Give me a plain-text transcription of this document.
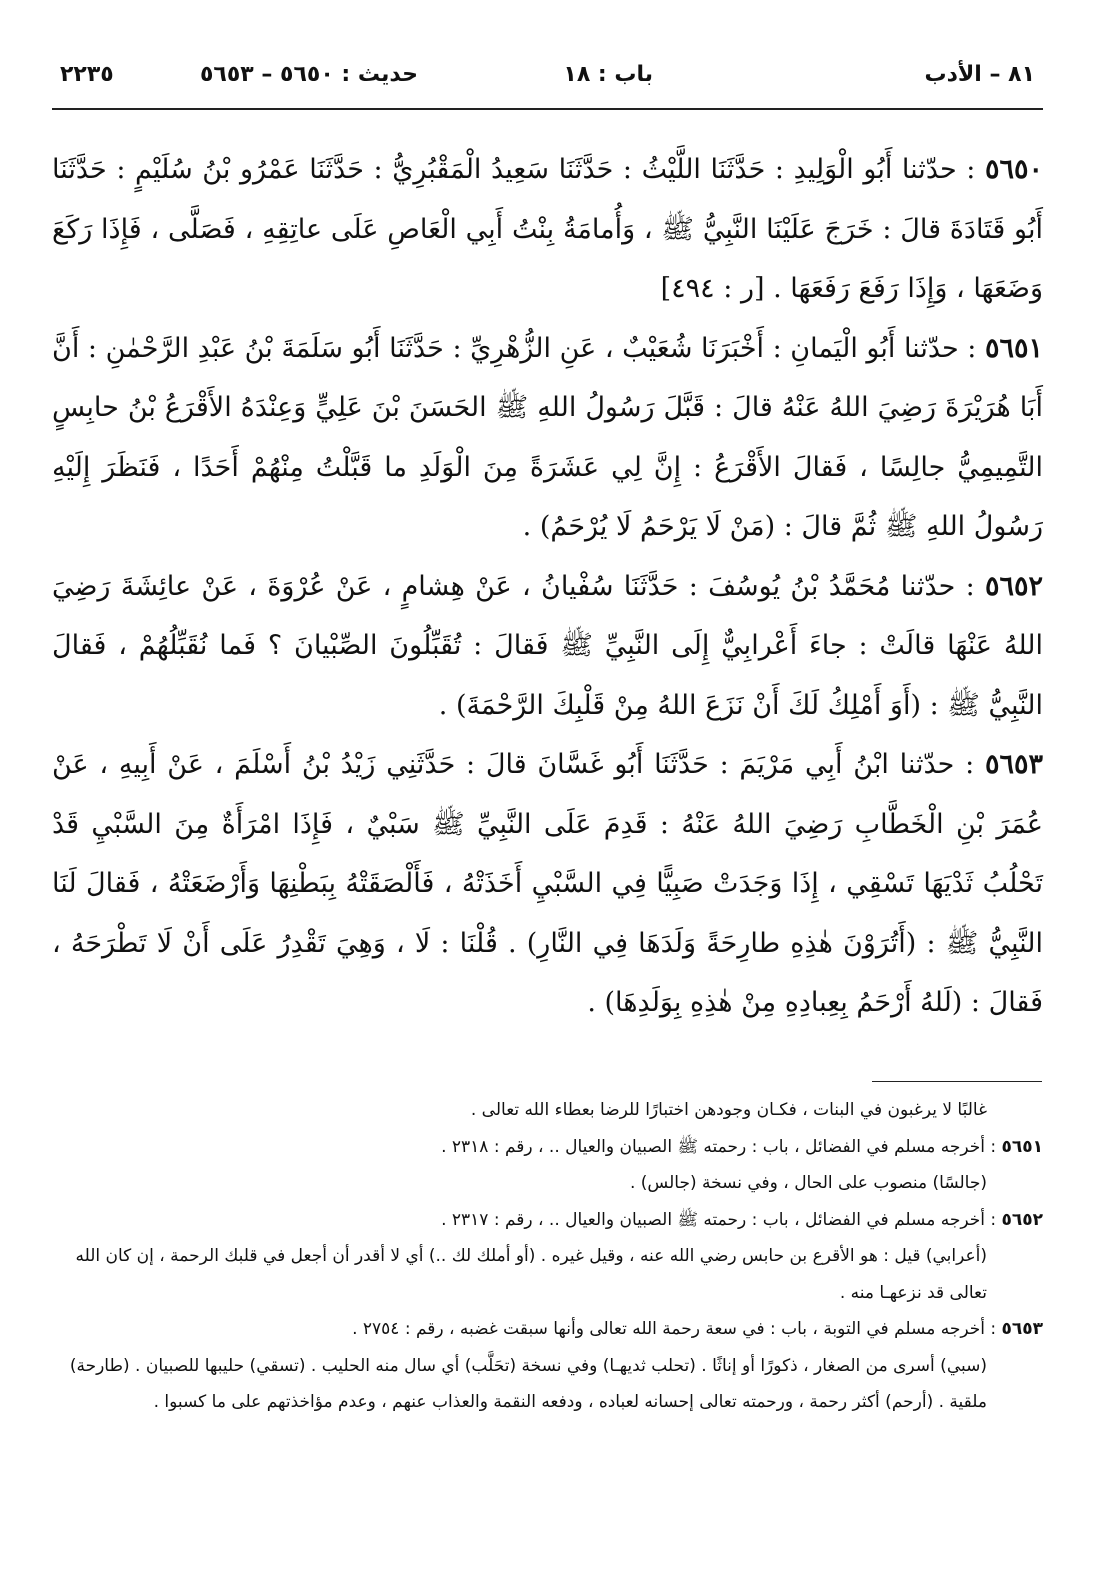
٨١ – الأدب
باب : ١٨
حديث : ٥٦٥٠ – ٥٦٥٣
٢٢٣٥

٥٦٥٠ : حدّثنا أَبُو الْوَلِيدِ : حَدَّثَنَا اللَّيْثُ : حَدَّثَنَا سَعِيدُ الْمَقْبُرِيُّ : حَدَّثَنَا عَمْرُو بْنُ سُلَيْمٍ : حَدَّثَنَا أَبُو قَتَادَةَ قالَ : خَرَجَ عَلَيْنَا النَّبِيُّ ﷺ ، وَأُمامَةُ بِنْتُ أَبِي الْعَاصِ عَلَى عاتِقِهِ ، فَصَلَّى ، فَإِذَا رَكَعَ وَضَعَهَا ، وَإِذَا رَفَعَ رَفَعَهَا . [ر : ٤٩٤]

٥٦٥١ : حدّثنا أَبُو الْيَمانِ : أَخْبَرَنَا شُعَيْبٌ ، عَنِ الزُّهْرِيِّ : حَدَّثَنَا أَبُو سَلَمَةَ بْنُ عَبْدِ الرَّحْمٰنِ : أَنَّ أَبَا هُرَيْرَةَ رَضِيَ اللهُ عَنْهُ قالَ : قَبَّلَ رَسُولُ اللهِ ﷺ الحَسَنَ بْنَ عَلِيٍّ وَعِنْدَهُ الأَقْرَعُ بْنُ حابِسٍ التَّمِيمِيُّ جالِسًا ، فَقالَ الأَقْرَعُ : إِنَّ لِي عَشَرَةً مِنَ الْوَلَدِ ما قَبَّلْتُ مِنْهُمْ أَحَدًا ، فَنَظَرَ إِلَيْهِ رَسُولُ اللهِ ﷺ ثُمَّ قالَ : (مَنْ لَا يَرْحَمُ لَا يُرْحَمُ) .

٥٦٥٢ : حدّثنا مُحَمَّدُ بْنُ يُوسُفَ : حَدَّثَنَا سُفْيانُ ، عَنْ هِشامٍ ، عَنْ عُرْوَةَ ، عَنْ عائِشَةَ رَضِيَ اللهُ عَنْهَا قالَتْ : جاءَ أَعْرابِيٌّ إِلَى النَّبِيِّ ﷺ فَقالَ : تُقَبِّلُونَ الصِّبْيانَ ؟ فَما نُقَبِّلُهُمْ ، فَقالَ النَّبِيُّ ﷺ : (أَوَ أَمْلِكُ لَكَ أَنْ نَزَعَ اللهُ مِنْ قَلْبِكَ الرَّحْمَةَ) .

٥٦٥٣ : حدّثنا ابْنُ أَبِي مَرْيَمَ : حَدَّثَنَا أَبُو غَسَّانَ قالَ : حَدَّثَنِي زَيْدُ بْنُ أَسْلَمَ ، عَنْ أَبِيهِ ، عَنْ عُمَرَ بْنِ الْخَطَّابِ رَضِيَ اللهُ عَنْهُ : قَدِمَ عَلَى النَّبِيِّ ﷺ سَبْيٌ ، فَإِذَا امْرَأَةٌ مِنَ السَّبْيِ قَدْ تَحْلُبُ ثَدْيَهَا تَسْقِي ، إِذَا وَجَدَتْ صَبِيًّا فِي السَّبْيِ أَخَذَتْهُ ، فَأَلْصَقَتْهُ بِبَطْنِهَا وَأَرْضَعَتْهُ ، فَقالَ لَنَا النَّبِيُّ ﷺ : (أَتُرَوْنَ هٰذِهِ طارِحَةً وَلَدَهَا فِي النَّارِ) . قُلْنَا : لَا ، وَهِيَ تَقْدِرُ عَلَى أَنْ لَا تَطْرَحَهُ ، فَقالَ : (لَلهُ أَرْحَمُ بِعِبادِهِ مِنْ هٰذِهِ بِوَلَدِهَا) .

غالبًا لا يرغبون في البنات ، فكـان وجودهن اختبارًا للرضا بعطاء الله تعالى .

٥٦٥١ : أخرجه مسلم في الفضائل ، باب : رحمته ﷺ الصبيان والعيال .. ، رقم : ٢٣١٨ .

(جالسًا) منصوب على الحال ، وفي نسخة (جالس) .

٥٦٥٢ : أخرجه مسلم في الفضائل ، باب : رحمته ﷺ الصبيان والعيال .. ، رقم : ٢٣١٧ .

(أعرابي) قيل : هو الأقرع بن حابس رضي الله عنه ، وقيل غيره . (أو أملك لك ..) أي لا أقدر أن أجعل في قلبك الرحمة ، إن كان الله تعالى قد نزعهـا منه .

٥٦٥٣ : أخرجه مسلم في التوبة ، باب : في سعة رحمة الله تعالى وأنها سبقت غضبه ، رقم : ٢٧٥٤ .

(سبي) أسرى من الصغار ، ذكورًا أو إناثًا . (تحلب ثديهـا) وفي نسخة (تحَلَّب) أي سال منه الحليب . (تسقي) حليبها للصبيان . (طارحة) ملقية . (أرحم) أكثر رحمة ، ورحمته تعالى إحسانه لعباده ، ودفعه النقمة والعذاب عنهم ، وعدم مؤاخذتهم على ما كسبوا .
